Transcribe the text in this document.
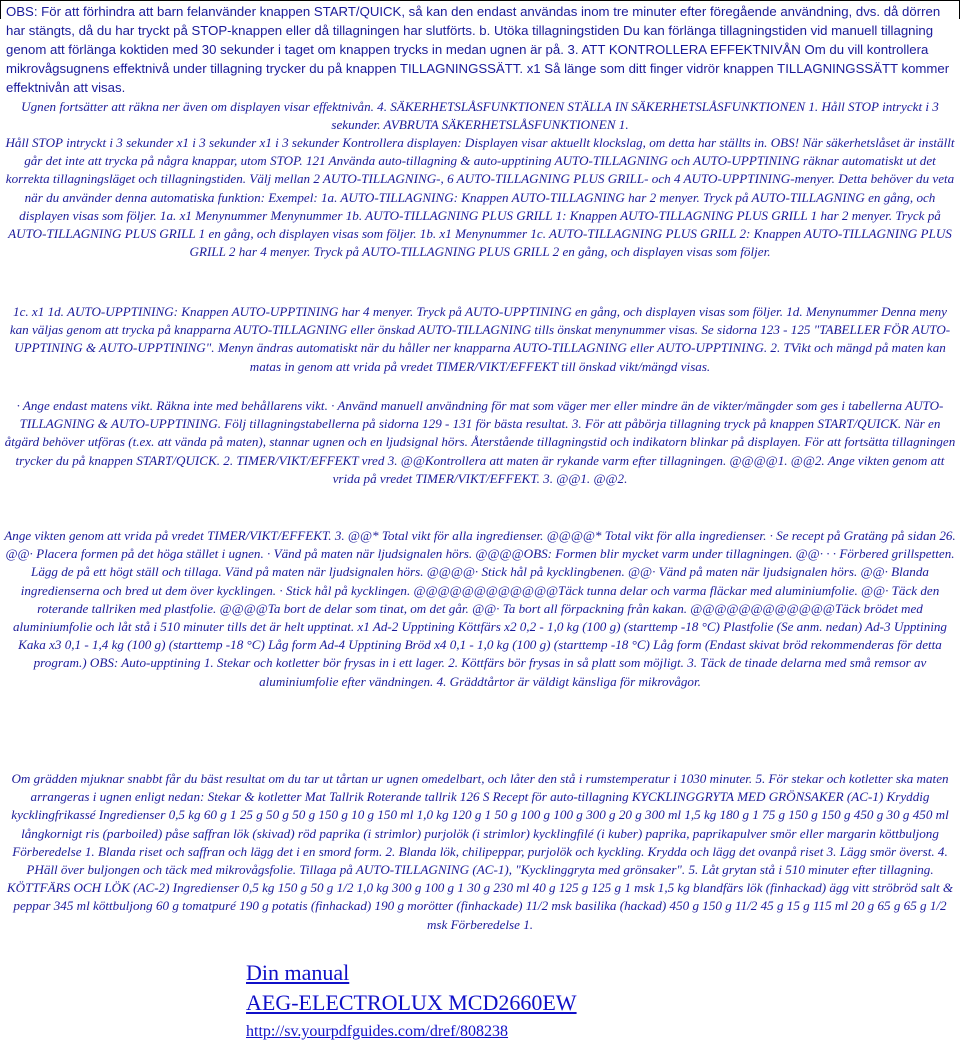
OBS: För att förhindra att barn felanvänder knappen START/QUICK, så kan den endast användas inom tre minuter efter föregående användning, dvs. då dörren har stängts, då du har tryckt på STOP-knappen eller då tillagningen har slutförts. b. Utöka tillagningstiden Du kan förlänga tillagningstiden vid manuell tillagning genom att förlänga koktiden med 30 sekunder i taget om knappen trycks in medan ugnen är på. 3. ATT KONTROLLERA EFFEKTNIVÅN Om du vill kontrollera mikrovågsugnens effektnivå under tillagning trycker du på knappen TILLAGNINGSSÄTT. x1 Så länge som ditt finger vidrör knappen TILLAGNINGSSÄTT kommer effektnivån att visas.

Ugnen fortsätter att räkna ner även om displayen visar effektnivån. 4. SÄKERHETSLÅSFUNKTIONEN STÄLLA IN SÄKERHETSLÅSFUNKTIONEN 1. Håll STOP intryckt i 3 sekunder. AVBRUTA SÄKERHETSLÅSFUNKTIONEN 1.

Håll STOP intryckt i 3 sekunder x1 i 3 sekunder x1 i 3 sekunder Kontrollera displayen: Displayen visar aktuellt klockslag, om detta har ställts in. OBS! När säkerhetslåset är inställt går det inte att trycka på några knappar, utom STOP. 121 Använda auto-tillagning & auto-upptining AUTO-TILLAGNING och AUTO-UPPTINING räknar automatiskt ut det korrekta tillagningsläget och tillagningstiden. Välj mellan 2 AUTO-TILLAGNING-, 6 AUTO-TILLAGNING PLUS GRILL- och 4 AUTO-UPPTINING-menyer. Detta behöver du veta när du använder denna automatiska funktion: Exempel: 1a. AUTO-TILLAGNING: Knappen AUTO-TILLAGNING har 2 menyer. Tryck på AUTO-TILLAGNING en gång, och displayen visas som följer. 1a. x1 Menynummer Menynummer 1b. AUTO-TILLAGNING PLUS GRILL 1: Knappen AUTO-TILLAGNING PLUS GRILL 1 har 2 menyer. Tryck på AUTO-TILLAGNING PLUS GRILL 1 en gång, och displayen visas som följer. 1b. x1 Menynummer 1c. AUTO-TILLAGNING PLUS GRILL 2: Knappen AUTO-TILLAGNING PLUS GRILL 2 har 4 menyer. Tryck på AUTO-TILLAGNING PLUS GRILL 2 en gång, och displayen visas som följer.

1c. x1 1d. AUTO-UPPTINING: Knappen AUTO-UPPTINING har 4 menyer. Tryck på AUTO-UPPTINING en gång, och displayen visas som följer. 1d. Menynummer Denna meny kan väljas genom att trycka på knapparna AUTO-TILLAGNING eller önskad AUTO-TILLAGNING tills önskat menynummer visas. Se sidorna 123 - 125 "TABELLER FÖR AUTO-UPPTINING & AUTO-UPPTINING". Menyn ändras automatiskt när du håller ner knapparna AUTO-TILLAGNING eller AUTO-UPPTINING. 2. TVikt och mängd på maten kan matas in genom att vrida på vredet TIMER/VIKT/EFFEKT till önskad vikt/mängd visas.

· Ange endast matens vikt. Räkna inte med behållarens vikt. · Använd manuell användning för mat som väger mer eller mindre än de vikter/mängder som ges i tabellerna AUTO-TILLAGNING & AUTO-UPPTINING. Följ tillagningstabellerna på sidorna 129 - 131 för bästa resultat. 3. För att påbörja tillagning tryck på knappen START/QUICK. När en åtgärd behöver utföras (t.ex. att vända på maten), stannar ugnen och en ljudsignal hörs. Återstående tillagningstid och indikatorn blinkar på displayen. För att fortsätta tillagningen trycker du på knappen START/QUICK. 2. TIMER/VIKT/EFFEKT vred 3. @@Kontrollera att maten är rykande varm efter tillagningen. @@@@1. @@2. Ange vikten genom att vrida på vredet TIMER/VIKT/EFFEKT. 3. @@1. @@2.

Ange vikten genom att vrida på vredet TIMER/VIKT/EFFEKT. 3. @@* Total vikt för alla ingredienser. @@@@* Total vikt för alla ingredienser. · Se recept på Gratäng på sidan 26. @@· Placera formen på det höga stället i ugnen. · Vänd på maten när ljudsignalen hörs. @@@@OBS: Formen blir mycket varm under tillagningen. @@· · · Förbered grillspetten. Lägg de på ett högt ställ och tillaga. Vänd på maten när ljudsignalen hörs. @@@@· Stick hål på kycklingbenen. @@· Vänd på maten när ljudsignalen hörs. @@· Blanda ingredienserna och bred ut dem över kycklingen. · Stick hål på kycklingen. @@@@@@@@@@@@Täck tunna delar och varma fläckar med aluminiumfolie. @@· Täck den roterande tallriken med plastfolie. @@@@Ta bort de delar som tinat, om det går. @@· Ta bort all förpackning från kakan. @@@@@@@@@@@@Täck brödet med aluminiumfolie och låt stå i 510 minuter tills det är helt upptinat. x1 Ad-2 Upptining Köttfärs x2 0,2 - 1,0 kg (100 g) (starttemp -18 °C) Plastfolie (Se anm. nedan) Ad-3 Upptining Kaka x3 0,1 - 1,4 kg (100 g) (starttemp -18 °C) Låg form Ad-4 Upptining Bröd x4 0,1 - 1,0 kg (100 g) (starttemp -18 °C) Låg form (Endast skivat bröd rekommenderas för detta program.) OBS: Auto-upptining 1. Stekar och kotletter bör frysas in i ett lager. 2. Köttfärs bör frysas in så platt som möjligt. 3. Täck de tinade delarna med små remsor av aluminiumfolie efter vändningen. 4. Gräddtårtor är väldigt känsliga för mikrovågor.

Om grädden mjuknar snabbt får du bäst resultat om du tar ut tårtan ur ugnen omedelbart, och låter den stå i rumstemperatur i 1030 minuter. 5. För stekar och kotletter ska maten arrangeras i ugnen enligt nedan: Stekar & kotletter Mat Tallrik Roterande tallrik 126 S Recept för auto-tillagning KYCKLINGGRYTA MED GRÖNSAKER (AC-1) Kryddig kycklingfrikassé Ingredienser 0,5 kg 60 g 1 25 g 50 g 50 g 150 g 10 g 150 ml 1,0 kg 120 g 1 50 g 100 g 100 g 300 g 20 g 300 ml 1,5 kg 180 g 1 75 g 150 g 150 g 450 g 30 g 450 ml långkornigt ris (parboiled) påse saffran lök (skivad) röd paprika (i strimlor) purjolök (i strimlor) kycklingfilé (i kuber) paprika, paprikapulver smör eller margarin köttbuljong Förberedelse 1. Blanda riset och saffran och lägg det i en smord form. 2. Blanda lök, chilipeppar, purjolök och kyckling. Krydda och lägg det ovanpå riset 3. Lägg smör överst. 4. PHäll över buljongen och täck med mikrovågsfolie. Tillaga på AUTO-TILLAGNING (AC-1), "Kycklinggryta med grönsaker". 5. Låt grytan stå i 510 minuter efter tillagning. KÖTTFÄRS OCH LÖK (AC-2) Ingredienser 0,5 kg 150 g 50 g 1/2 1,0 kg 300 g 100 g 1 30 g 230 ml 40 g 125 g 125 g 1 msk 1,5 kg blandfärs lök (finhackad) ägg vitt ströbröd salt & peppar 345 ml köttbuljong 60 g tomatpuré 190 g potatis (finhackad) 190 g morötter (finhackade) 11/2 msk basilika (hackad) 450 g 150 g 11/2 45 g 15 g 115 ml 20 g 65 g 65 g 1/2 msk Förberedelse 1.

Din manual
AEG-ELECTROLUX MCD2660EW
http://sv.yourpdfguides.com/dref/808238
